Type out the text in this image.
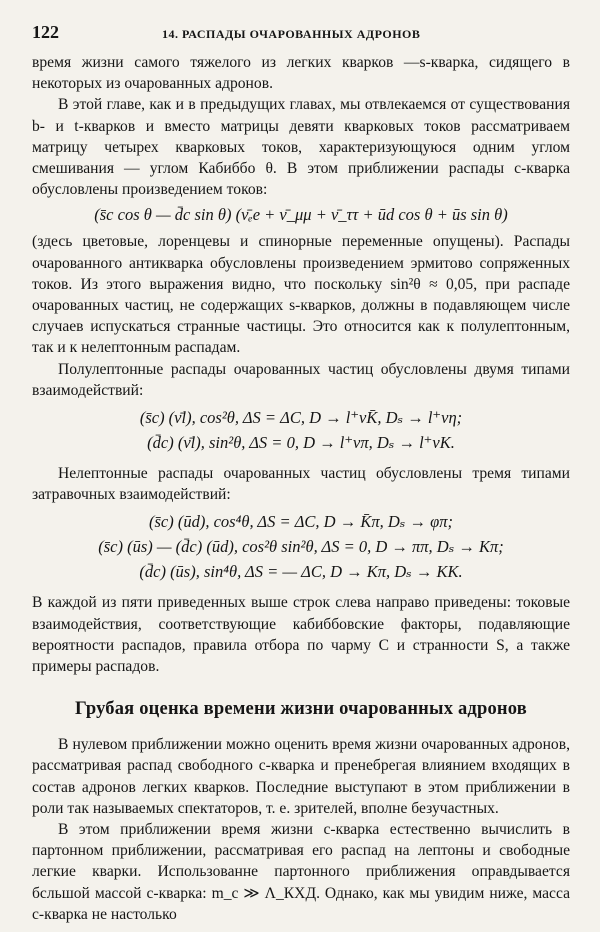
122	14. РАСПАДЫ ОЧАРОВАННЫХ АДРОНОВ

время жизни самого тяжелого из легких кварков —s-кварка, сидящего в некоторых из очарованных адронов.

В этой главе, как и в предыдущих главах, мы отвлекаемся от существования b- и t-кварков и вместо матрицы девяти кварковых токов рассматриваем матрицу четырех кварковых токов, характеризующуюся одним углом смешивания — углом Кабиббо θ. В этом приближении распады c-кварка обусловлены произведением токов:

(s̄c cos θ — d̄c sin θ) (ν̄ₑe + ν̄_μμ + ν̄_ττ + ūd cos θ + ūs sin θ)

(здесь цветовые, лоренцевы и спинорные переменные опущены). Распады очарованного антикварка обусловлены произведением эрмитово сопряженных токов. Из этого выражения видно, что поскольку sin²θ ≈ 0,05, при распаде очарованных частиц, не содержащих s-кварков, должны в подавляющем числе случаев испускаться странные частицы. Это относится как к полулептонным, так и к нелептонным распадам.

Полулептонные распады очарованных частиц обусловлены двумя типами взаимодействий:

(s̄c) (ν̄l), cos²θ, ΔS = ΔC, D → l⁺νK̄, Dₛ → l⁺νη;
(d̄c) (ν̄l), sin²θ, ΔS = 0, D → l⁺νπ, Dₛ → l⁺νK.

Нелептонные распады очарованных частиц обусловлены тремя типами затравочных взаимодействий:

(s̄c) (ūd), cos⁴θ, ΔS = ΔC, D → K̄π, Dₛ → φπ;
(s̄c) (ūs) — (d̄c) (ūd), cos²θ sin²θ, ΔS = 0, D → ππ, Dₛ → Kπ;
(d̄c) (ūs), sin⁴θ, ΔS = — ΔC, D → Kπ, Dₛ → KK.

В каждой из пяти приведенных выше строк слева направо приведены: токовые взаимодействия, соответствующие кабиббовские факторы, подавляющие вероятности распадов, правила отбора по чарму C и странности S, а также примеры распадов.

Грубая оценка времени жизни очарованных адронов

В нулевом приближении можно оценить время жизни очарованных адронов, рассматривая распад свободного c-кварка и пренебрегая влиянием входящих в состав адронов легких кварков. Последние выступают в этом приближении в роли так называемых спектаторов, т. е. зрителей, вполне безучастных.

В этом приближении время жизни c-кварка естественно вычислить в партонном приближении, рассматривая его распад на лептоны и свободные легкие кварки. Использованне партонного приближения оправдывается бсльшой массой c-кварка: m_c ≫ Λ_КХД. Однако, как мы увидим ниже, масса c-кварка не настолько
